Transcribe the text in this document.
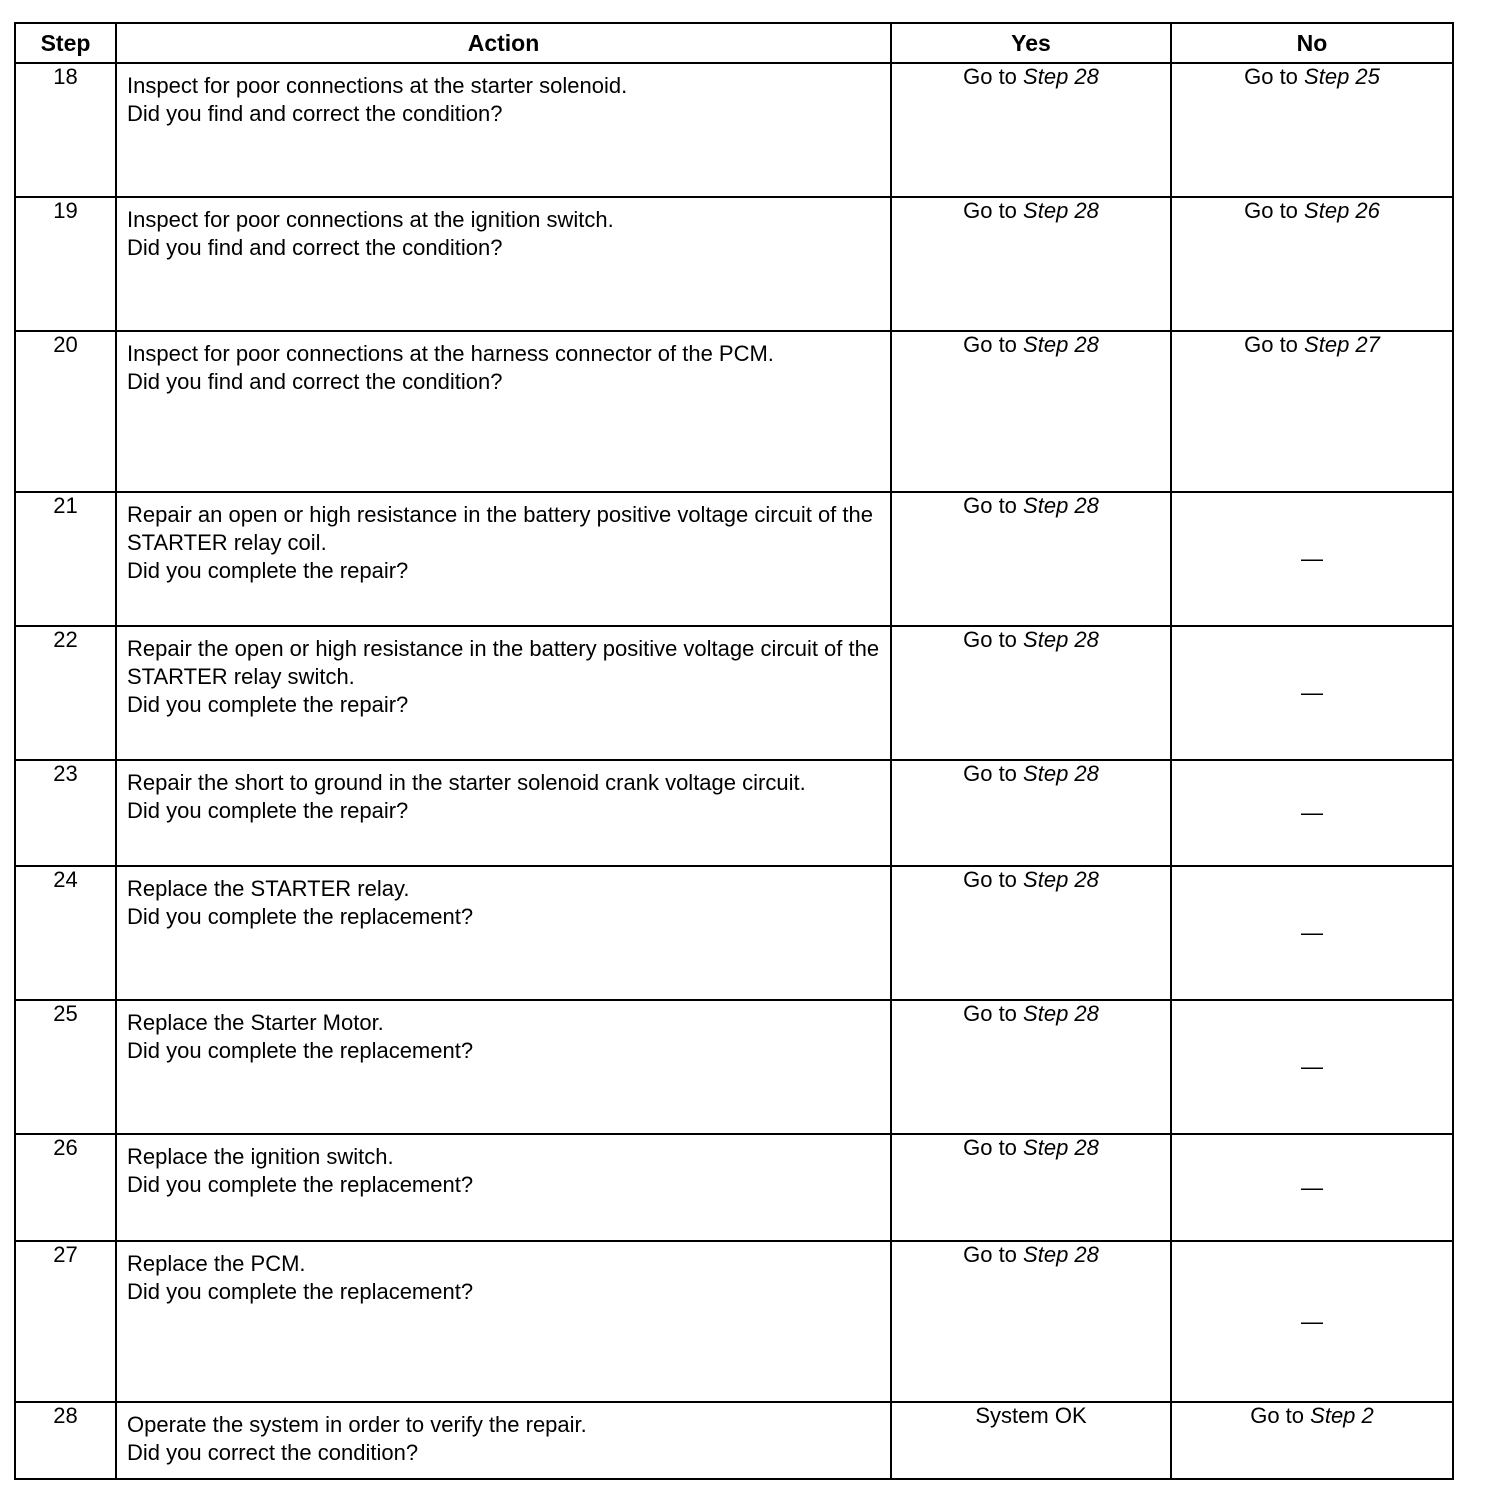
Step	Action	Yes	No
18	Inspect for poor connections at the starter solenoid.
Did you find and correct the condition?	Go to Step 28	Go to Step 25
19	Inspect for poor connections at the ignition switch.
Did you find and correct the condition?	Go to Step 28	Go to Step 26
20	Inspect for poor connections at the harness connector of the PCM.
Did you find and correct the condition?	Go to Step 28	Go to Step 27
21	Repair an open or high resistance in the battery positive voltage circuit of the STARTER relay coil.
Did you complete the repair?	Go to Step 28	—
22	Repair the open or high resistance in the battery positive voltage circuit of the STARTER relay switch.
Did you complete the repair?	Go to Step 28	—
23	Repair the short to ground in the starter solenoid crank voltage circuit.
Did you complete the repair?	Go to Step 28	—
24	Replace the STARTER relay.
Did you complete the replacement?	Go to Step 28	—
25	Replace the Starter Motor.
Did you complete the replacement?	Go to Step 28	—
26	Replace the ignition switch.
Did you complete the replacement?	Go to Step 28	—
27	Replace the PCM.
Did you complete the replacement?	Go to Step 28	—
28	Operate the system in order to verify the repair.
Did you correct the condition?	System OK	Go to Step 2
